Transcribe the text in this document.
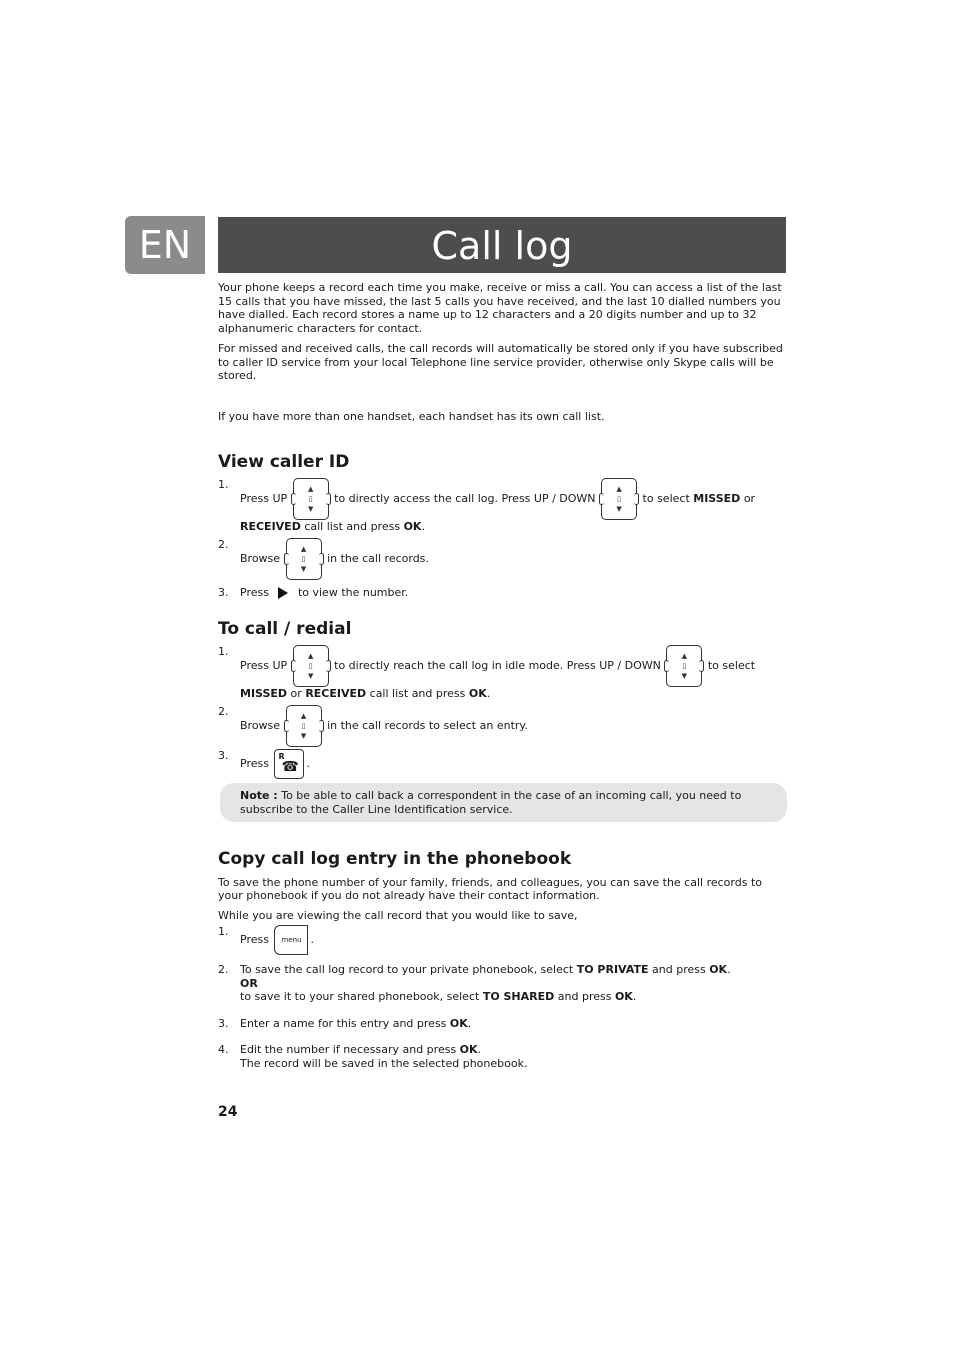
EN	Call log

Your phone keeps a record each time you make, receive or miss a call. You can access a list of the last 15 calls that you have missed, the last 5 calls you have received, and the last 10 dialled numbers you have dialled. Each record stores a name up to 12 characters and a 20 digits number and up to 32 alphanumeric characters for contact.

For missed and received calls, the call records will automatically be stored only if you have subscribed to caller ID service from your local Telephone line service provider, otherwise only Skype calls will be stored.

If you have more than one handset, each handset has its own call list.

View caller ID
1.
Press UP
▲
▯
▼
to directly access the call log. Press UP / DOWN
▲
▯
▼
to select MISSED or RECEIVED call list and press OK.
2.
Browse
▲
▯
▼
in the call records.
3. Press	to view the number.
To call / redial
1.
Press UP
▲
▯
▼
to directly reach the call log in idle mode. Press UP / DOWN
▲
▯
▼
to select MISSED or RECEIVED call list and press OK.
2.
Browse
▲
▯
▼
in the call records to select an entry.
3.
Press
R
☎ .
Copy call log entry in the phonebook

To save the phone number of your family, friends, and colleagues, you can save the call records to your phonebook if you do not already have their contact information.

While you are viewing the call record that you would like to save,

1.
Press menu .
2. To save the call log record to your private phonebook, select TO PRIVATE and press OK.
OR
to save it to your shared phonebook, select TO SHARED and press OK.
3. Enter a name for this entry and press OK.
4. Edit the number if necessary and press OK.
The record will be saved in the selected phonebook.
Note : To be able to call back a correspondent in the case of an incoming call, you need to subscribe to the Caller Line Identification service.
24
